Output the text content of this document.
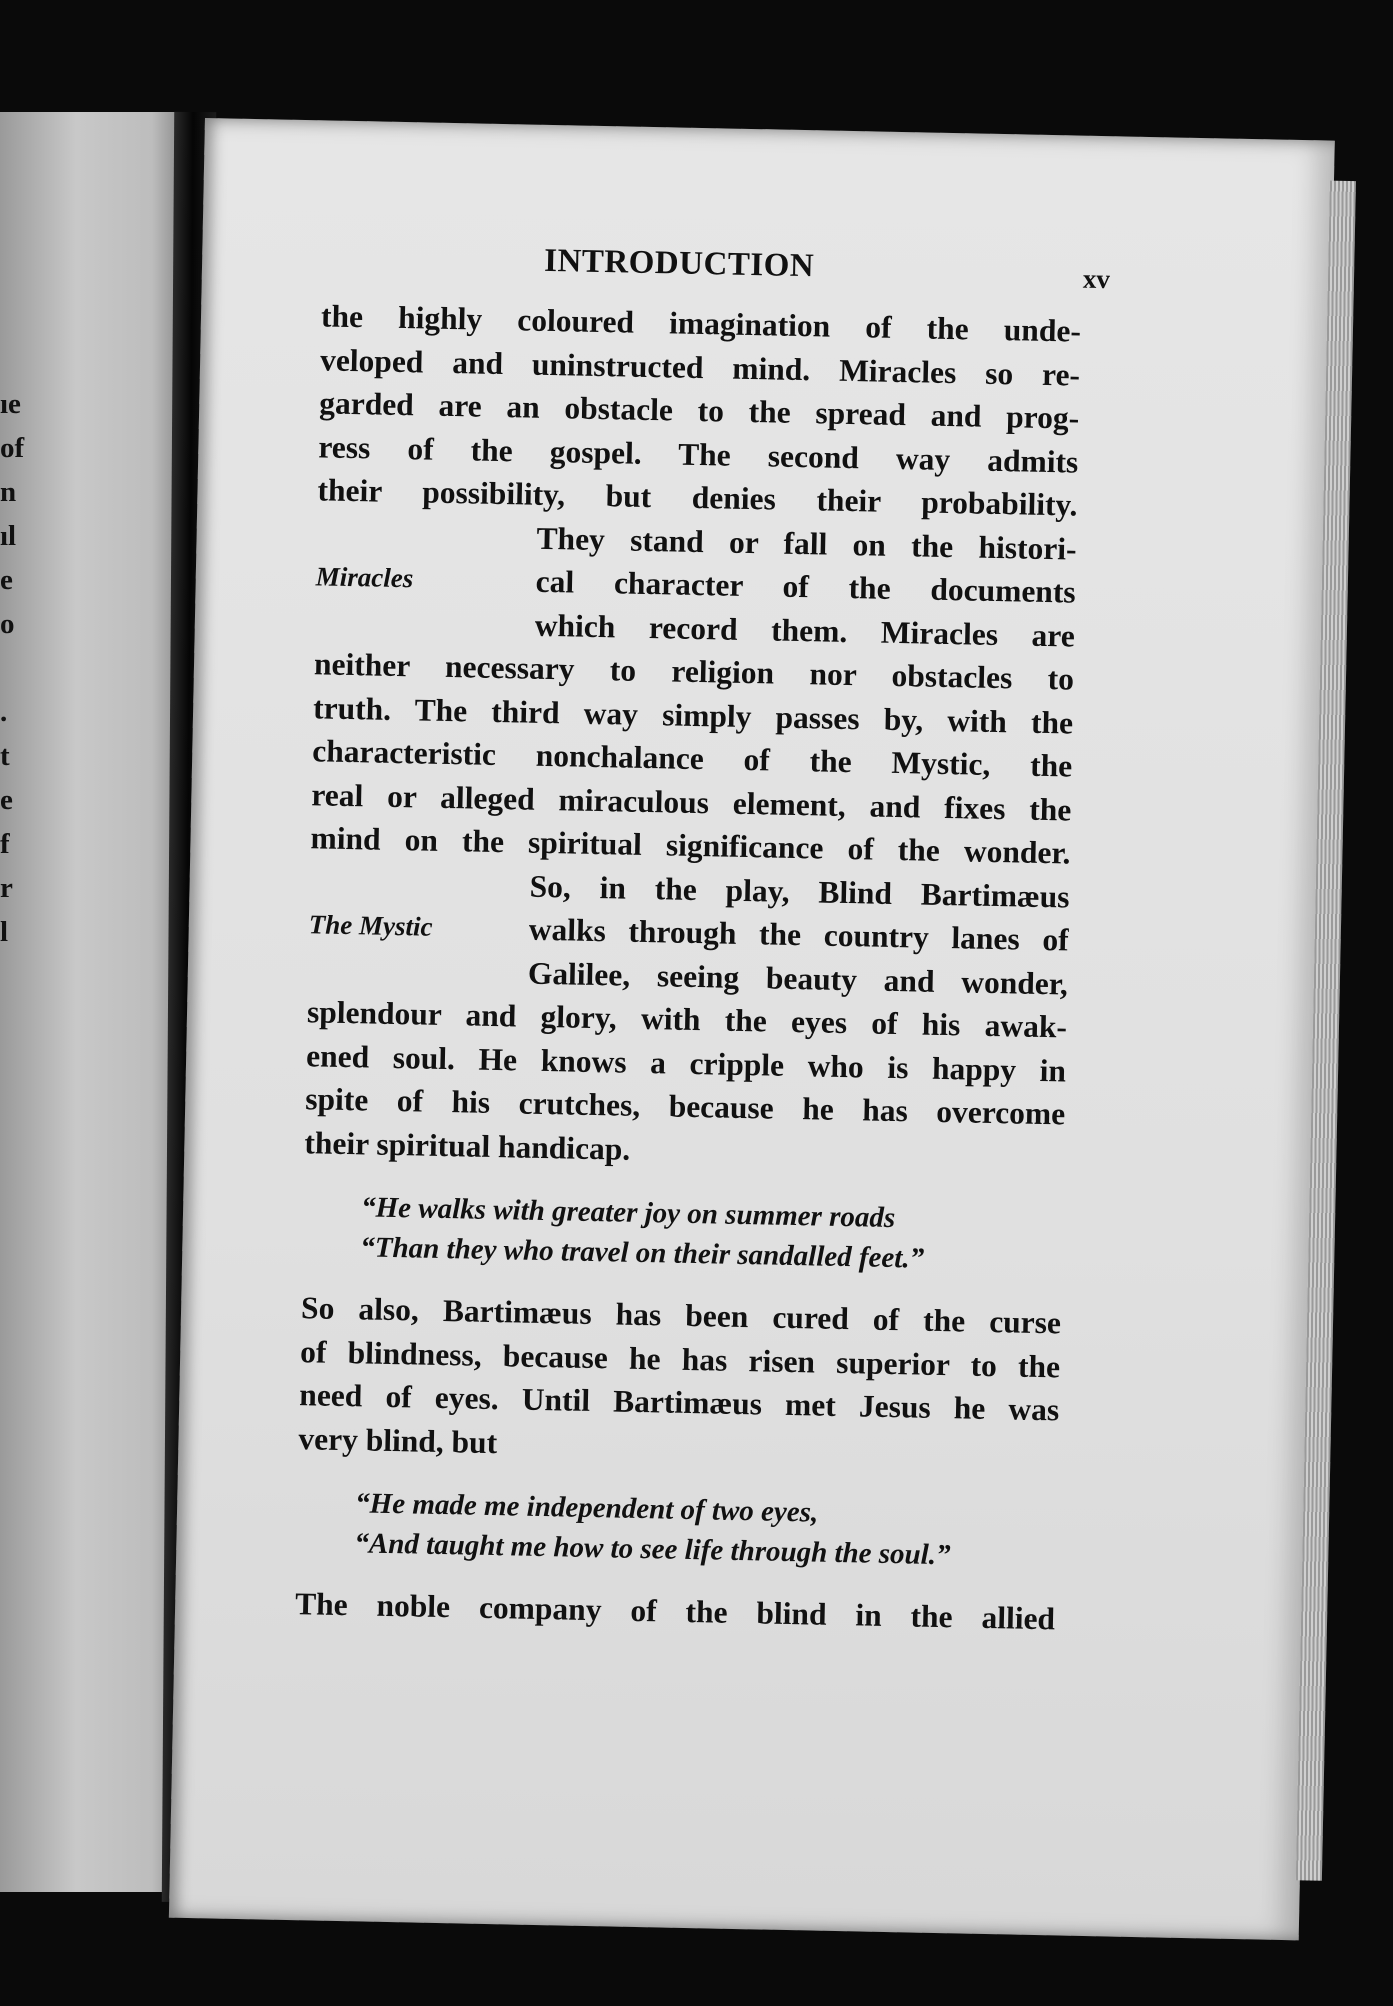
ıe
of
n
ıl
e
o
.
t
e
f
r
l
INTRODUCTION	xv
the highly coloured imagination of the unde-
veloped and uninstructed mind. Miracles so re-
garded are an obstacle to the spread and prog-
ress of the gospel. The second way admits
their possibility, but denies their probability.
Miracles
They stand or fall on the histori-
cal character of the documents
which record them. Miracles are
neither necessary to religion nor obstacles to
truth. The third way simply passes by, with the
characteristic nonchalance of the Mystic, the
real or alleged miraculous element, and fixes the
mind on the spiritual significance of the wonder.
The Mystic
So, in the play, Blind Bartimæus
walks through the country lanes of
Galilee, seeing beauty and wonder,
splendour and glory, with the eyes of his awak-
ened soul. He knows a cripple who is happy in
spite of his crutches, because he has overcome
their spiritual handicap.
“He walks with greater joy on summer roads
“Than they who travel on their sandalled feet.”
So also, Bartimæus has been cured of the curse
of blindness, because he has risen superior to the
need of eyes. Until Bartimæus met Jesus he was
very blind, but
“He made me independent of two eyes,
“And taught me how to see life through the soul.”
The noble company of the blind in the allied
